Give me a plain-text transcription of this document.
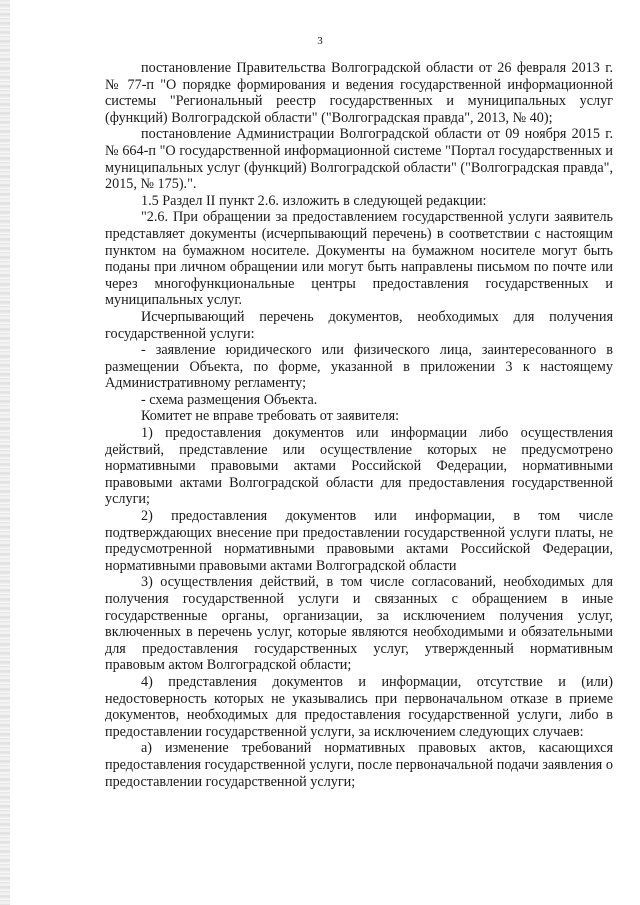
3

постановление Правительства Волгоградской области от 26 февраля 2013 г. № 77-п "О порядке формирования и ведения государственной информационной системы "Региональный реестр государственных и муниципальных услуг (функций) Волгоградской области" ("Волгоградская правда", 2013, № 40);

постановление Администрации Волгоградской области от 09 ноября 2015 г. № 664-п "О государственной информационной системе "Портал государственных и муниципальных услуг (функций) Волгоградской области" ("Волгоградская правда", 2015, № 175).".

1.5 Раздел II пункт 2.6. изложить в следующей редакции:

"2.6. При обращении за предоставлением государственной услуги заявитель представляет документы (исчерпывающий перечень) в соответствии с настоящим пунктом на бумажном носителе. Документы на бумажном носителе могут быть поданы при личном обращении или могут быть направлены письмом по почте или через многофункциональные центры предоставления государственных и муниципальных услуг.

Исчерпывающий перечень документов, необходимых для получения государственной услуги:

- заявление юридического или физического лица, заинтересованного в размещении Объекта, по форме, указанной в приложении 3 к настоящему Административному регламенту;

- схема размещения Объекта.

Комитет не вправе требовать от заявителя:

1) предоставления документов или информации либо осуществления действий, представление или осуществление которых не предусмотрено нормативными правовыми актами Российской Федерации, нормативными правовыми актами Волгоградской области для предоставления государственной услуги;

2) предоставления документов или информации, в том числе подтверждающих внесение при предоставлении государственной услуги платы, не предусмотренной нормативными правовыми актами Российской Федерации, нормативными правовыми актами Волгоградской области

3) осуществления действий, в том числе согласований, необходимых для получения государственной услуги и связанных с обращением в иные государственные органы, организации, за исключением получения услуг, включенных в перечень услуг, которые являются необходимыми и обязательными для предоставления государственных услуг, утвержденный нормативным правовым актом Волгоградской области;

4) представления документов и информации, отсутствие и (или) недостоверность которых не указывались при первоначальном отказе в приеме документов, необходимых для предоставления государственной услуги, либо в предоставлении государственной услуги, за исключением следующих случаев:

а) изменение требований нормативных правовых актов, касающихся предоставления государственной услуги, после первоначальной подачи заявления о предоставлении государственной услуги;
